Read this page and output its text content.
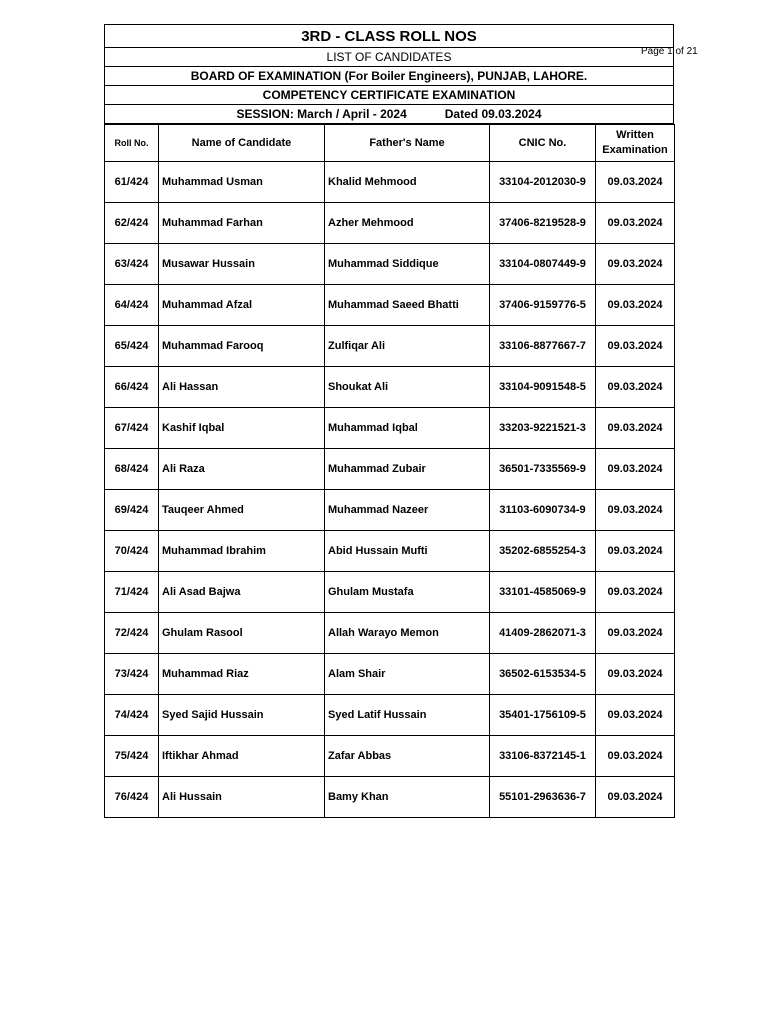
Page 1 of 21
3RD - CLASS ROLL NOS
LIST OF CANDIDATES
BOARD OF EXAMINATION (For Boiler Engineers), PUNJAB, LAHORE.
COMPETENCY CERTIFICATE EXAMINATION
SESSION: March / April - 2024	Dated 09.03.2024
Roll No.	Name of Candidate	Father's Name	CNIC No.	Written
Examination
61/424	Muhammad Usman	Khalid Mehmood	33104-2012030-9	09.03.2024
62/424	Muhammad Farhan	Azher Mehmood	37406-8219528-9	09.03.2024
63/424	Musawar Hussain	Muhammad Siddique	33104-0807449-9	09.03.2024
64/424	Muhammad Afzal	Muhammad Saeed Bhatti	37406-9159776-5	09.03.2024
65/424	Muhammad Farooq	Zulfiqar Ali	33106-8877667-7	09.03.2024
66/424	Ali Hassan	Shoukat Ali	33104-9091548-5	09.03.2024
67/424	Kashif Iqbal	Muhammad Iqbal	33203-9221521-3	09.03.2024
68/424	Ali Raza	Muhammad Zubair	36501-7335569-9	09.03.2024
69/424	Tauqeer Ahmed	Muhammad Nazeer	31103-6090734-9	09.03.2024
70/424	Muhammad Ibrahim	Abid Hussain Mufti	35202-6855254-3	09.03.2024
71/424	Ali Asad Bajwa	Ghulam Mustafa	33101-4585069-9	09.03.2024
72/424	Ghulam Rasool	Allah Warayo Memon	41409-2862071-3	09.03.2024
73/424	Muhammad Riaz	Alam Shair	36502-6153534-5	09.03.2024
74/424	Syed Sajid Hussain	Syed Latif Hussain	35401-1756109-5	09.03.2024
75/424	Iftikhar Ahmad	Zafar Abbas	33106-8372145-1	09.03.2024
76/424	Ali Hussain	Bamy Khan	55101-2963636-7	09.03.2024
